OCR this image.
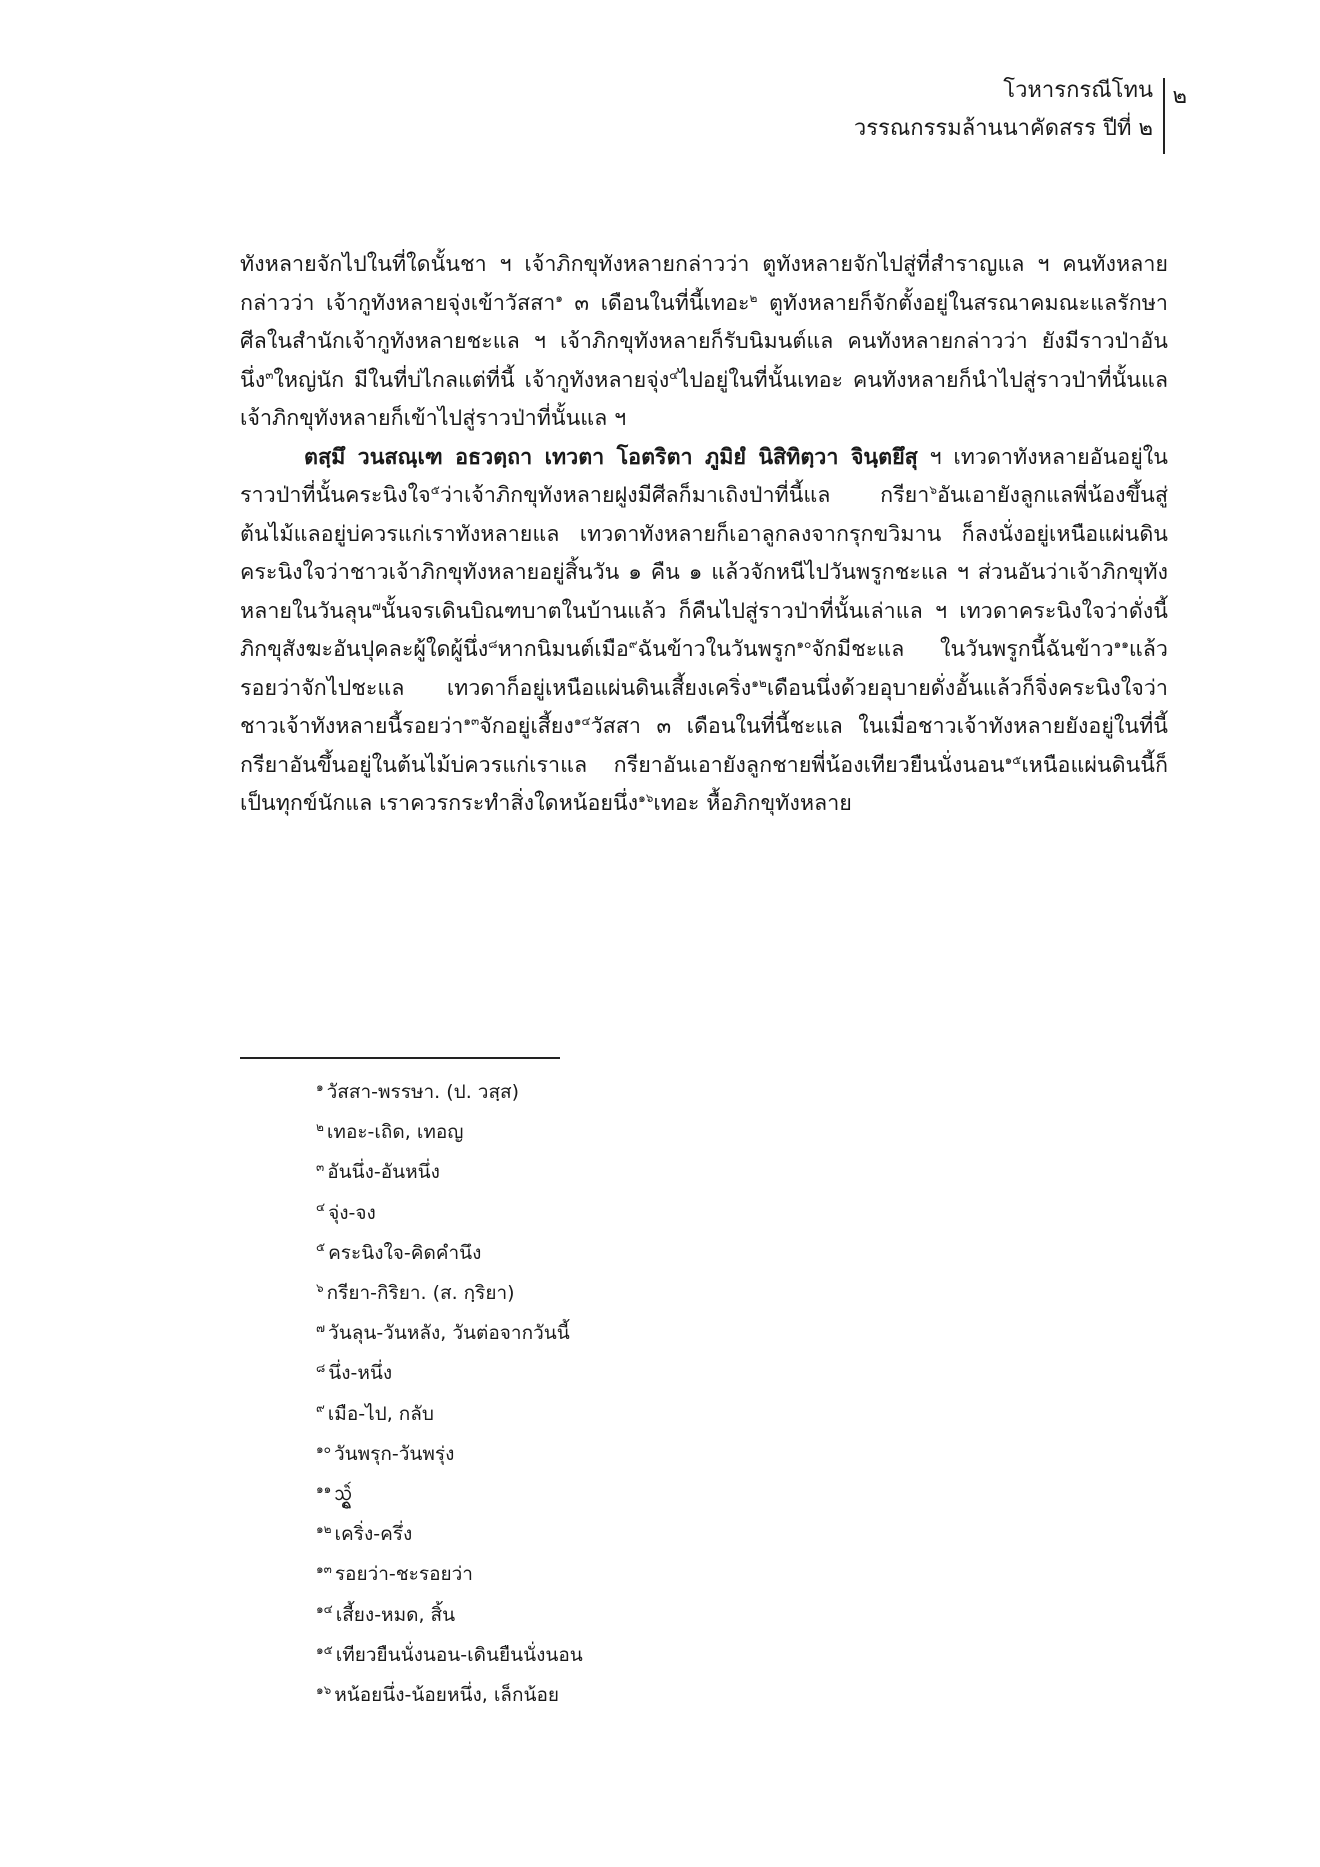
โวหารกรณีโทน
วรรณกรรมล้านนาคัดสรร ปีที่ ๒
๒

ทังหลายจักไปในที่ใดนั้นชา ฯ เจ้าภิกขุทังหลายกล่าวว่า ตูทังหลายจักไปสู่ที่สำราญแล ฯ คนทังหลายกล่าวว่า เจ้ากูทังหลายจุ่งเข้าวัสสา$^๑$ ๓ เดือนในที่นี้เทอะ$^๒$ ตูทังหลายก็จักตั้งอยู่ในสรณาคมณะแลรักษาศีลในสำนักเจ้ากูทังหลายชะแล ฯ เจ้าภิกขุทังหลายก็รับนิมนต์แล คนทังหลายกล่าวว่า ยังมีราวป่าอันนึ่ง$^๓$ใหญ่นัก มีในที่บ่ไกลแต่ที่นี้ เจ้ากูทังหลายจุ่ง$^๔$ไปอยู่ในที่นั้นเทอะ คนทังหลายก็นำไปสู่ราวป่าที่นั้นแล เจ้าภิกขุทังหลายก็เข้าไปสู่ราวป่าที่นั้นแล ฯ

ตสฺมึ วนสณฺเฑ อธวตฺถา เทวตา โอตริตา ภูมิยํ นิสิทิตฺวา จินฺตยึสุ ฯ เทวดาทังหลายอันอยู่ในราวป่าที่นั้นคระนิงใจ$^๕$ว่าเจ้าภิกขุทังหลายฝูงมีศีลก็มาเถิงป่าที่นี้แล กรียา$^๖$อันเอายังลูกแลพี่น้องขึ้นสู่ต้นไม้แลอยู่บ่ควรแก่เราทังหลายแล เทวดาทังหลายก็เอาลูกลงจากรุกขวิมาน ก็ลงนั่งอยู่เหนือแผ่นดิน คระนิงใจว่าชาวเจ้าภิกขุทังหลายอยู่สิ้นวัน ๑ คืน ๑ แล้วจักหนีไปวันพรูกชะแล ฯ ส่วนอันว่าเจ้าภิกขุทังหลายในวันลุน$^๗$นั้นจรเดินบิณฑบาตในบ้านแล้ว ก็คืนไปสู่ราวป่าที่นั้นเล่าแล ฯ เทวดาคระนิงใจว่าดั่งนี้ ภิกขุสังฆะอันปุคละผู้ใดผู้นึ่ง$^๘$หากนิมนต์เมือ$^๙$ฉันข้าวในวันพรูก$^{๑๐}$จักมีชะแล ในวันพรูกนี้ฉันข้าว$^{๑๑}$แล้วรอยว่าจักไปชะแล เทวดาก็อยู่เหนือแผ่นดินเสี้ยงเคริ่ง$^{๑๒}$เดือนนึ่งด้วยอุบายดั่งอั้นแล้วก็จิ่งคระนิงใจว่า ชาวเจ้าทังหลายนี้รอยว่า$^{๑๓}$จักอยู่เสี้ยง$^{๑๔}$วัสสา ๓ เดือนในที่นี้ชะแล ในเมื่อชาวเจ้าทังหลายยังอยู่ในที่นี้ กรียาอันขึ้นอยู่ในต้นไม้บ่ควรแก่เราแล กรียาอันเอายังลูกชายพี่น้องเทียวยืนนั่งนอน$^{๑๕}$เหนือแผ่นดินนี้ก็เป็นทุกข์นักแล เราควรกระทำสิ่งใดหน้อยนึ่ง$^{๑๖}$เทอะ หื้อภิกขุทังหลาย

$^๑$ วัสสา-พรรษา. (ป. วสฺส)
$^๒$ เทอะ-เถิด, เทอญ
$^๓$ อันนึ่ง-อันหนึ่ง
$^๔$ จุ่ง-จง
$^๕$ คระนิงใจ-คิดคำนึง
$^๖$ กรียา-กิริยา. (ส. กฺริยา)
$^๗$ วันลุน-วันหลัง, วันต่อจากวันนี้
$^๘$ นึ่ง-หนึ่ง
$^๙$ เมือ-ไป, กลับ
$^{๑๐}$ วันพรุก-วันพรุ่ง
$^{๑๑}$ ᩈ᩠ᩅᩫᩢ᩠ᨦ
$^{๑๒}$ เคริ่ง-ครึ่ง
$^{๑๓}$ รอยว่า-ชะรอยว่า
$^{๑๔}$ เสี้ยง-หมด, สิ้น
$^{๑๕}$ เทียวยืนนั่งนอน-เดินยืนนั่งนอน
$^{๑๖}$ หน้อยนึ่ง-น้อยหนึ่ง, เล็กน้อย
